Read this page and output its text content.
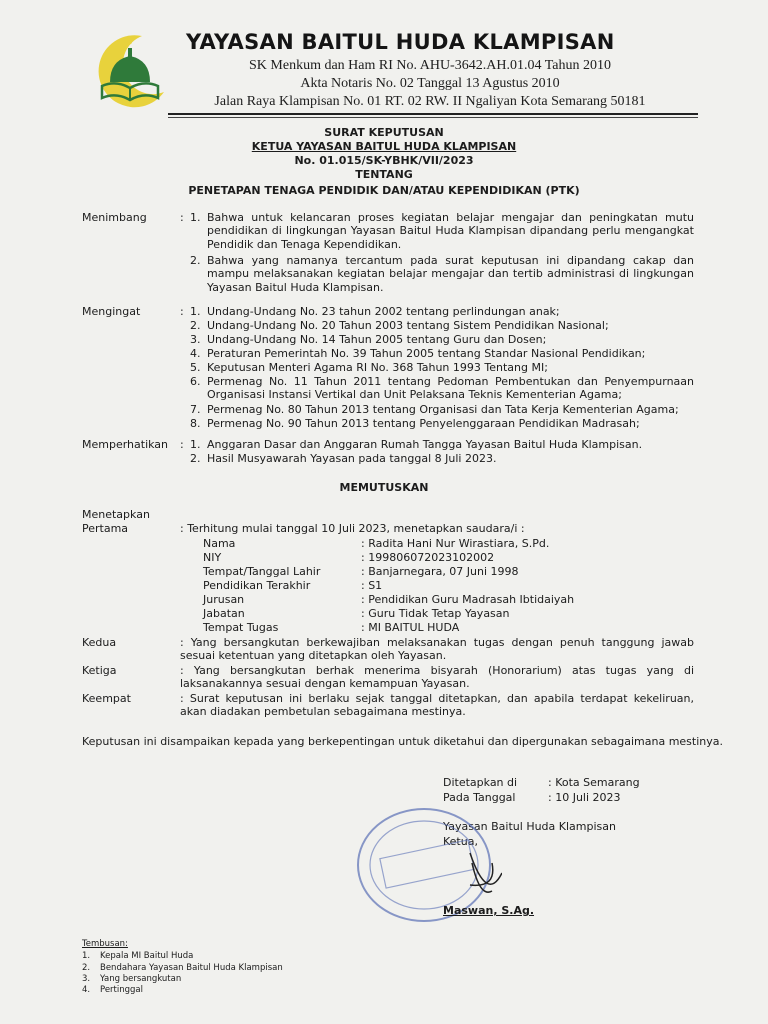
YAYASAN BAITUL HUDA KLAMPISAN
SK Menkum dan Ham RI No. AHU-3642.AH.01.04 Tahun 2010
Akta Notaris No. 02 Tanggal 13 Agustus 2010
Jalan Raya Klampisan No. 01 RT. 02 RW. II Ngaliyan Kota Semarang 50181
SURAT KEPUTUSAN
KETUA YAYASAN BAITUL HUDA KLAMPISAN
No. 01.015/SK-YBHK/VII/2023
TENTANG
PENETAPAN TENAGA PENDIDIK DAN/ATAU KEPENDIDIKAN (PTK)
Menimbang	: 1. Bahwa untuk kelancaran proses kegiatan belajar mengajar dan peningkatan mutu pendidikan di lingkungan Yayasan Baitul Huda Klampisan dipandang perlu mengangkat Pendidik dan Tenaga Kependidikan.
2. Bahwa yang namanya tercantum pada surat keputusan ini dipandang cakap dan mampu melaksanakan kegiatan belajar mengajar dan tertib administrasi di lingkungan Yayasan Baitul Huda Klampisan.
Mengingat	: 1. Undang-Undang No. 23 tahun 2002 tentang perlindungan anak;
2. Undang-Undang No. 20 Tahun 2003 tentang Sistem Pendidikan Nasional;
3. Undang-Undang No. 14 Tahun 2005 tentang Guru dan Dosen;
4. Peraturan Pemerintah No. 39 Tahun 2005 tentang Standar Nasional Pendidikan;
5. Keputusan Menteri Agama RI No. 368 Tahun 1993 Tentang MI;
6. Permenag No. 11 Tahun 2011 tentang Pedoman Pembentukan dan Penyempurnaan Organisasi Instansi Vertikal dan Unit Pelaksana Teknis Kementerian Agama;
7. Permenag No. 80 Tahun 2013 tentang Organisasi dan Tata Kerja Kementerian Agama;
8. Permenag No. 90 Tahun 2013 tentang Penyelenggaraan Pendidikan Madrasah;
Memperhatikan : 1. Anggaran Dasar dan Anggaran Rumah Tangga Yayasan Baitul Huda Klampisan.
2. Hasil Musyawarah Yayasan pada tanggal 8 Juli 2023.
MEMUTUSKAN
Menetapkan
Pertama	: Terhitung mulai tanggal 10 Juli 2023, menetapkan saudara/i :
Nama	: Radita Hani Nur Wirastiara, S.Pd.
NIY	: 199806072023102002
Tempat/Tanggal Lahir	: Banjarnegara, 07 Juni 1998
Pendidikan Terakhir	: S1
Jurusan	: Pendidikan Guru Madrasah Ibtidaiyah
Jabatan	: Guru Tidak Tetap Yayasan
Tempat Tugas	: MI BAITUL HUDA
Kedua	: Yang bersangkutan berkewajiban melaksanakan tugas dengan penuh tanggung jawab sesuai ketentuan yang ditetapkan oleh Yayasan.
Ketiga	: Yang bersangkutan berhak menerima bisyarah (Honorarium) atas tugas yang di laksanakannya sesuai dengan kemampuan Yayasan.
Keempat	: Surat keputusan ini berlaku sejak tanggal ditetapkan, dan apabila terdapat kekeliruan, akan diadakan pembetulan sebagaimana mestinya.
Keputusan ini disampaikan kepada yang berkepentingan untuk diketahui dan dipergunakan sebagaimana mestinya.
Ditetapkan di	: Kota Semarang
Pada Tanggal	: 10 Juli 2023
Yayasan Baitul Huda Klampisan
Ketua,
Maswan, S.Ag.
Tembusan:
1. Kepala MI Baitul Huda
2. Bendahara Yayasan Baitul Huda Klampisan
3. Yang bersangkutan
4. Pertinggal
